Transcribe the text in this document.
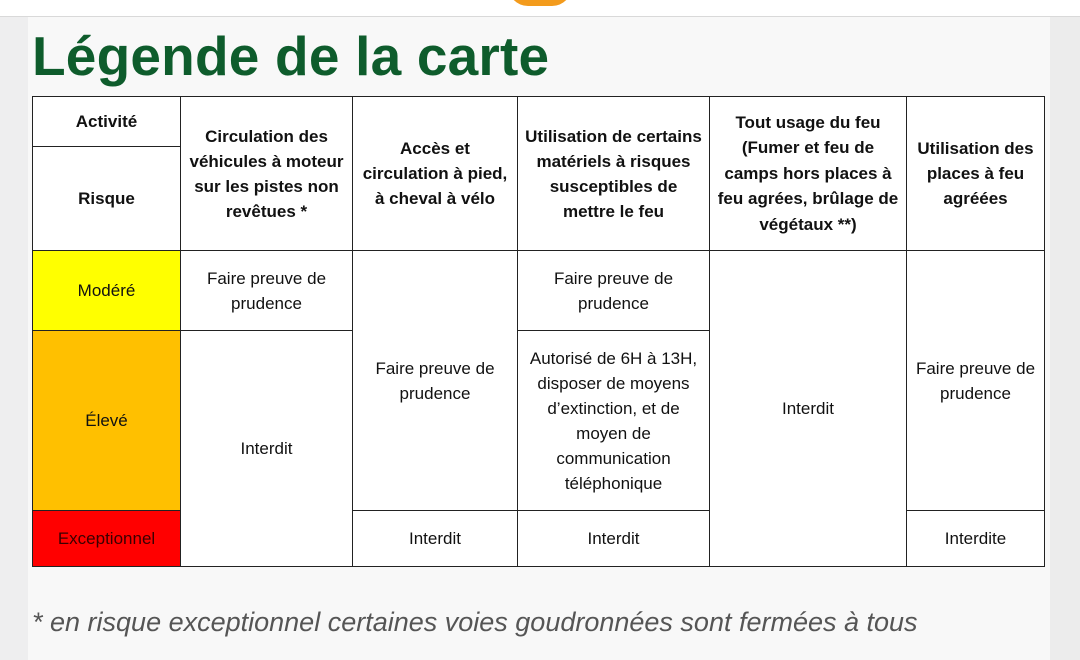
Légende de la carte
Activité	Circulation des véhicules à moteur sur les pistes non revêtues *	Accès et circulation à pied, à cheval à vélo	Utilisation de certains matériels à risques susceptibles de mettre le feu	Tout usage du feu (Fumer et feu de camps hors places à feu agrées, brûlage de végétaux **)	Utilisation des places à feu agréées
Risque					
Modéré	Faire preuve de prudence	Faire preuve de prudence	Faire preuve de prudence	Interdit	Faire preuve de prudence
Élevé	Interdit		Autorisé de 6H à 13H, disposer de moyens d’extinction, et de moyen de communication téléphonique		
Exceptionnel		Interdit	Interdit		Interdite

* en risque exceptionnel certaines voies goudronnées sont fermées à tous
